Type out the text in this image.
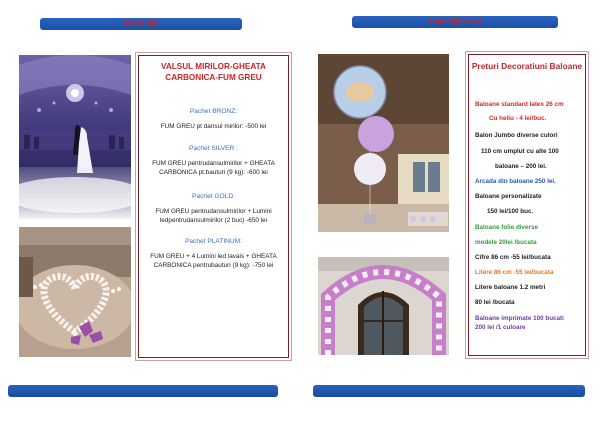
FUM GREU
VALSUL MIRILOR-GHEATA CARBONICA-FUM GREU
Pachet BRONZ:
FUM GREU pt dansul mirilor: -500 lei
Pachet SILVER :
FUM GREU pentrudansulmirilor + GHEATA CARBONICA pt.bauturi (9 kg): -600 lei
Pachet GOLD:
FUM GREU pentrudansulmirilor + Lumini ledpentrudansulmirilor (2 buc) -650 lei
Pachet PLATINUM:
FUM GREU + 4 Lumini led lavais + GHEATA CARBONICA pentrubauturi (9 kg): -750 lei
BALOANE HELIU
Preturi Decoratiuni Baloane
Baloane standard latex 26 cm
Cu heliu - 4 lei/buc.
Balon Jumbo diverse culori
110 cm umplut cu alte 100
baloane – 200 lei.
Arcada din baloane 250 lei.
Baloane personalizate
150 lei/100 buc.
Baloane folie diverse
modele 20lei /bucata
Cifre 86 cm -55 lei/bucata
Litere 86 cm -55 lei/bucata
Litere baloane 1.2 metri
80 lei /bucata
Baloane imprimate 100 bucati
200 lei /1 culoare
